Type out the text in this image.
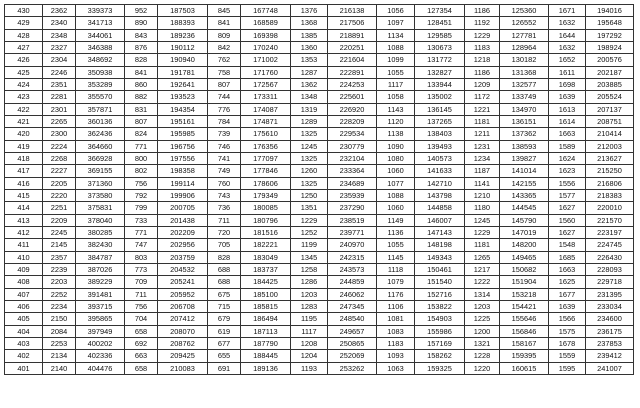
430	2362	339373	952	187503	845	167748	1376	216138	1056	127354	1186	125360	1671	194016
429	2340	341713	890	188393	841	168589	1368	217506	1097	128451	1192	126552	1632	195648
428	2348	344061	843	189236	809	169398	1385	218891	1134	129585	1229	127781	1644	197292
427	2327	346388	876	190112	842	170240	1360	220251	1088	130673	1183	128964	1632	198924
426	2304	348692	828	190940	762	171002	1353	221604	1099	131772	1218	130182	1652	200576
425	2246	350938	841	191781	758	171760	1287	222891	1055	132827	1186	131368	1611	202187
424	2351	353289	860	192641	807	172567	1362	224253	1117	133944	1209	132577	1698	203885
423	2281	355570	882	193523	744	173311	1348	225601	1058	135002	1172	133749	1639	205524
422	2301	357871	831	194354	776	174087	1319	226920	1143	136145	1221	134970	1613	207137
421	2265	360136	807	195161	784	174871	1289	228209	1120	137265	1181	136151	1614	208751
420	2300	362436	824	195985	739	175610	1325	229534	1138	138403	1211	137362	1663	210414
419	2224	364660	771	196756	746	176356	1245	230779	1090	139493	1231	138593	1589	212003
418	2268	366928	800	197556	741	177097	1325	232104	1080	140573	1234	139827	1624	213627
417	2227	369155	802	198358	749	177846	1260	233364	1060	141633	1187	141014	1623	215250
416	2205	371360	756	199114	760	178606	1325	234689	1077	142710	1141	142155	1556	216806
415	2220	373580	792	199906	743	179349	1250	235939	1088	143798	1210	143365	1577	218383
414	2251	375831	799	200705	736	180085	1351	237290	1060	144858	1180	144545	1627	220010
413	2209	378040	733	201438	711	180796	1229	238519	1149	146007	1245	145790	1560	221570
412	2245	380285	771	202209	720	181516	1252	239771	1136	147143	1229	147019	1627	223197
411	2145	382430	747	202956	705	182221	1199	240970	1055	148198	1181	148200	1548	224745
410	2357	384787	803	203759	828	183049	1345	242315	1145	149343	1265	149465	1685	226430
409	2239	387026	773	204532	688	183737	1258	243573	1118	150461	1217	150682	1663	228093
408	2203	389229	709	205241	688	184425	1286	244859	1079	151540	1222	151904	1625	229718
407	2252	391481	711	205952	675	185100	1203	246062	1176	152716	1314	153218	1677	231395
406	2234	393715	756	206708	715	185815	1283	247345	1106	153822	1203	154421	1639	233034
405	2150	395865	704	207412	679	186494	1195	248540	1081	154903	1225	155646	1566	234600
404	2084	397949	658	208070	619	187113	1117	249657	1083	155986	1200	156846	1575	236175
403	2253	400202	692	208762	677	187790	1208	250865	1183	157169	1321	158167	1678	237853
402	2134	402336	663	209425	655	188445	1204	252069	1093	158262	1228	159395	1559	239412
401	2140	404476	658	210083	691	189136	1193	253262	1063	159325	1220	160615	1595	241007
